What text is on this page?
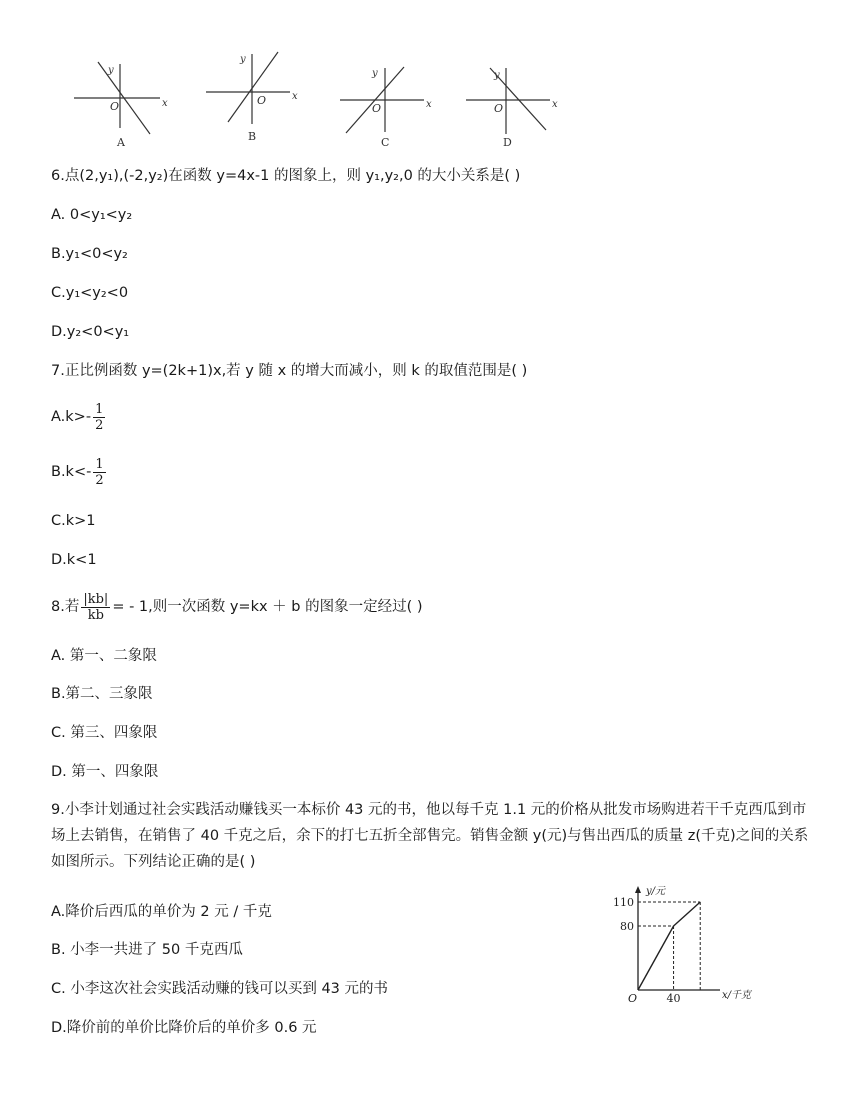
y
O	x
A
y
O	x
B
y
O	x
C
y
O	x
D
6.点(2,y₁),(-2,y₂)在函数 y=4x-1 的图象上，则 y₁,y₂,0 的大小关系是( )
A. 0<y₁<y₂
B.y₁<0<y₂
C.y₁<y₂<0
D.y₂<0<y₁
7.正比例函数 y=(2k+1)x,若 y 随 x 的增大而减小，则 k 的取值范围是( )
$A.k>- \frac{1}{2}$
$B.k<- \frac{1}{2}$
C.k>1
D.k<1
8.若 $\frac{|kb|}{kb}$ = - 1,则一次函数 y=kx ＋ b 的图象一定经过( )
A. 第一、二象限
B.第二、三象限
C. 第三、四象限
D. 第一、四象限
9.小李计划通过社会实践活动赚钱买一本标价 43 元的书，他以每千克 1.1 元的价格从批发市场购进若干千克西瓜到市场上去销售，在销售了 40 千克之后，余下的打七五折全部售完。销售金额 y(元)与售出西瓜的质量 z(千克)之间的关系如图所示。下列结论正确的是( )
A.降价后西瓜的单价为 2 元 / 千克
B. 小李一共进了 50 千克西瓜
C. 小李这次社会实践活动赚的钱可以买到 43 元的书
D.降价前的单价比降价后的单价多 0.6 元
80
110
40	x/千克
y/元
O
